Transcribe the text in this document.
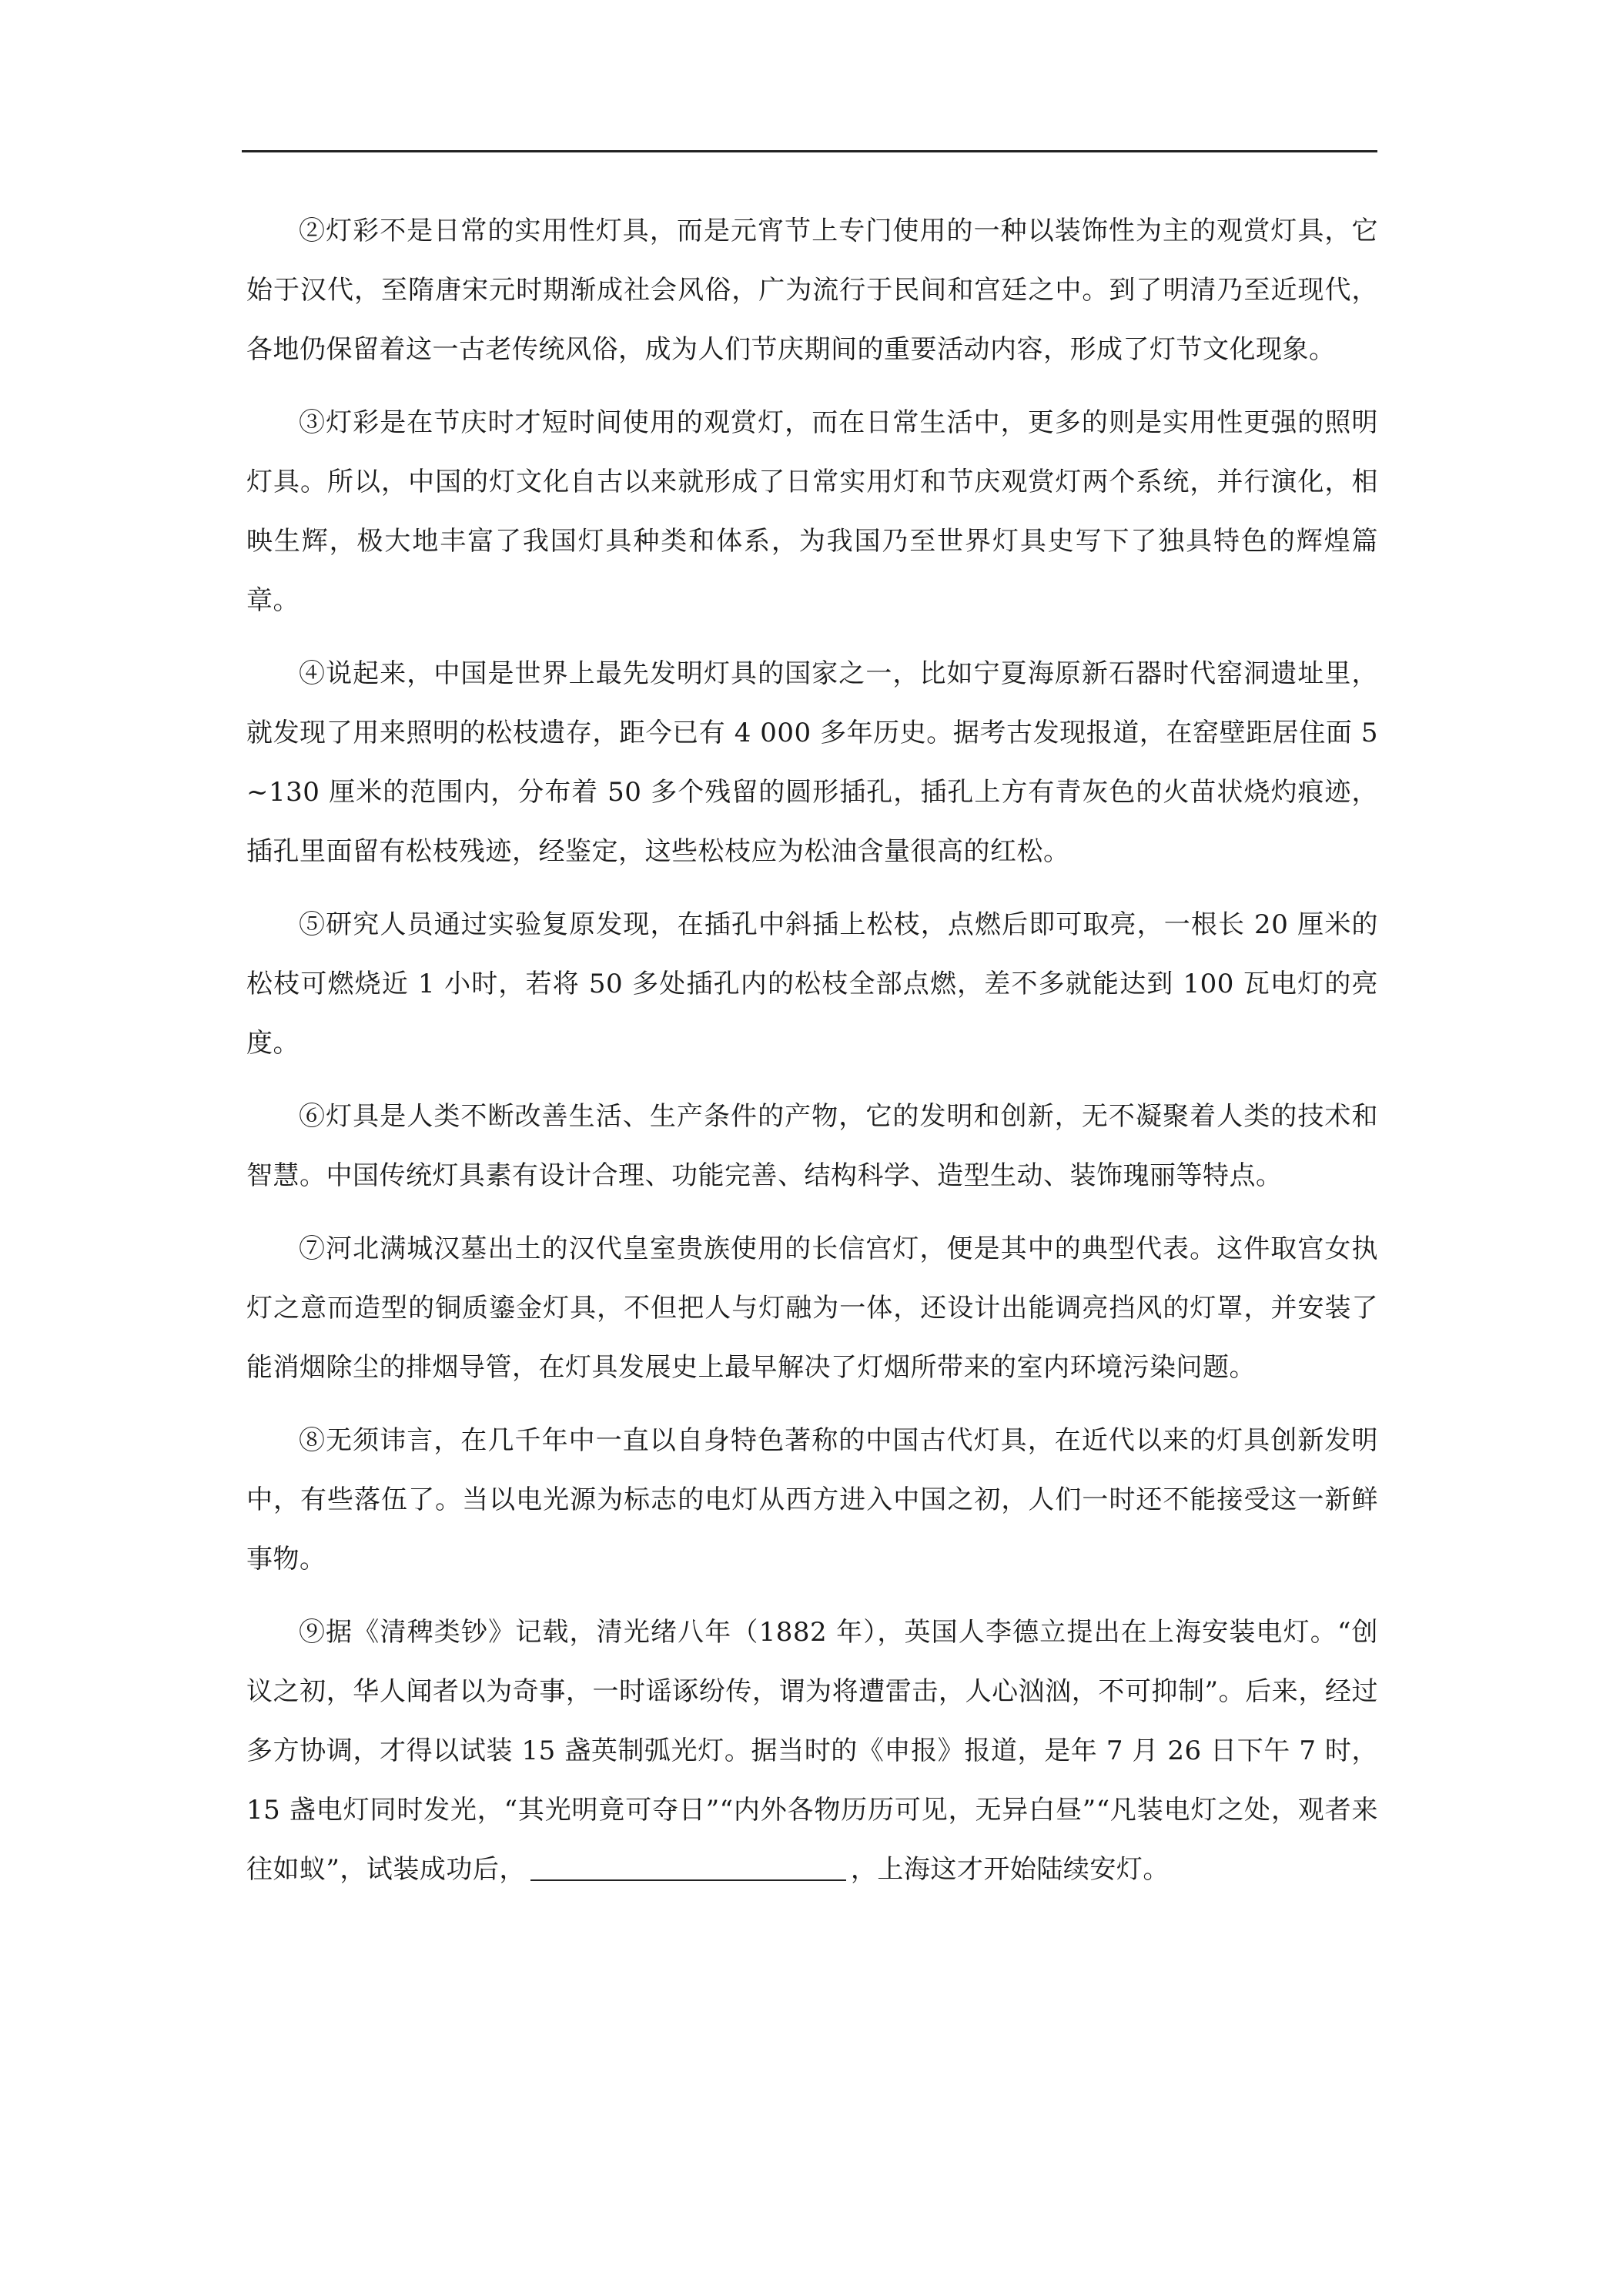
②灯彩不是日常的实用性灯具，而是元宵节上专门使用的一种以装饰性为主的观赏灯具，它始于汉代，至隋唐宋元时期渐成社会风俗，广为流行于民间和宫廷之中。到了明清乃至近现代，各地仍保留着这一古老传统风俗，成为人们节庆期间的重要活动内容，形成了灯节文化现象。

③灯彩是在节庆时才短时间使用的观赏灯，而在日常生活中，更多的则是实用性更强的照明灯具。所以，中国的灯文化自古以来就形成了日常实用灯和节庆观赏灯两个系统，并行演化，相映生辉，极大地丰富了我国灯具种类和体系，为我国乃至世界灯具史写下了独具特色的辉煌篇章。

④说起来，中国是世界上最先发明灯具的国家之一，比如宁夏海原新石器时代窑洞遗址里，就发现了用来照明的松枝遗存，距今已有 4 000 多年历史。据考古发现报道，在窑壁距居住面 5~130 厘米的范围内，分布着 50 多个残留的圆形插孔，插孔上方有青灰色的火苗状烧灼痕迹，插孔里面留有松枝残迹，经鉴定，这些松枝应为松油含量很高的红松。

⑤研究人员通过实验复原发现，在插孔中斜插上松枝，点燃后即可取亮，一根长 20 厘米的松枝可燃烧近 1 小时，若将 50 多处插孔内的松枝全部点燃，差不多就能达到 100 瓦电灯的亮度。

⑥灯具是人类不断改善生活、生产条件的产物，它的发明和创新，无不凝聚着人类的技术和智慧。中国传统灯具素有设计合理、功能完善、结构科学、造型生动、装饰瑰丽等特点。

⑦河北满城汉墓出土的汉代皇室贵族使用的长信宫灯，便是其中的典型代表。这件取宫女执灯之意而造型的铜质鎏金灯具，不但把人与灯融为一体，还设计出能调亮挡风的灯罩，并安装了能消烟除尘的排烟导管，在灯具发展史上最早解决了灯烟所带来的室内环境污染问题。

⑧无须讳言，在几千年中一直以自身特色著称的中国古代灯具，在近代以来的灯具创新发明中，有些落伍了。当以电光源为标志的电灯从西方进入中国之初，人们一时还不能接受这一新鲜事物。

⑨据《清稗类钞》记载，清光绪八年（1882 年），英国人李德立提出在上海安装电灯。“创议之初，华人闻者以为奇事，一时谣诼纷传，谓为将遭雷击，人心汹汹，不可抑制”。后来，经过多方协调，才得以试装 15 盏英制弧光灯。据当时的《申报》报道，是年 7 月 26 日下午 7 时，15 盏电灯同时发光，“其光明竟可夺日”“内外各物历历可见，无异白昼”“凡装电灯之处，观者来往如蚁”，试装成功后，	，上海这才开始陆续安灯。
